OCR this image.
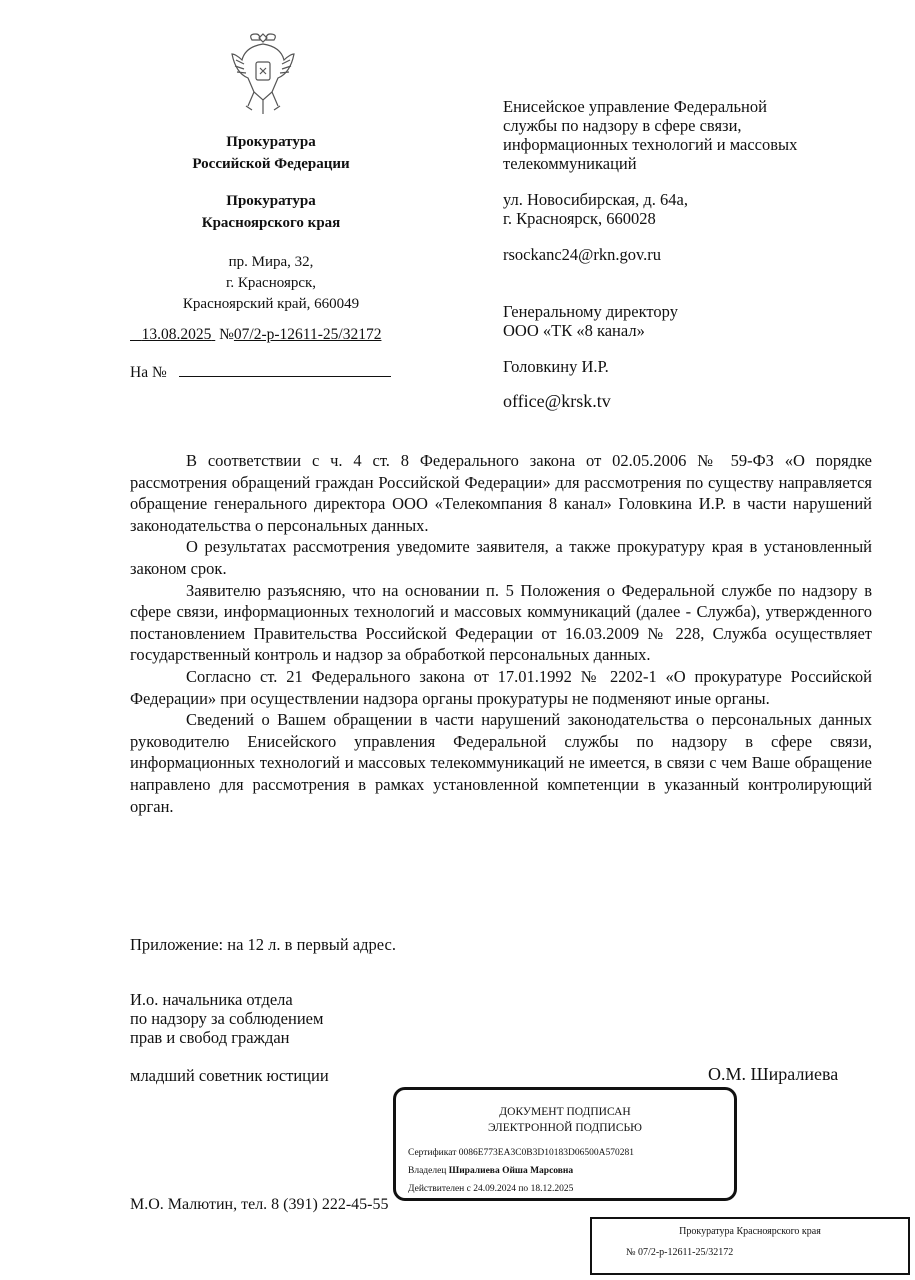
Прокуратура
Российской Федерации
Прокуратура
Красноярского края
пр. Мира, 32,
г. Красноярск,
Красноярский край, 660049
13.08.2025 №07/2-р-12611-25/32172
На №
Енисейское управление Федеральной
службы по надзору в сфере связи,
информационных технологий и массовых
телекоммуникаций
ул. Новосибирская, д. 64а,
г. Красноярск, 660028
rsockanc24@rkn.gov.ru
Генеральному директору
ООО «ТК «8 канал»
Головкину И.Р.
office@krsk.tv

В соответствии с ч. 4 ст. 8 Федерального закона от 02.05.2006 № 59-ФЗ «О порядке рассмотрения обращений граждан Российской Федерации» для рассмотрения по существу направляется обращение генерального директора ООО «Телекомпания 8 канал» Головкина И.Р. в части нарушений законодательства о персональных данных.

О результатах рассмотрения уведомите заявителя, а также прокуратуру края в установленный законом срок.

Заявителю разъясняю, что на основании п. 5 Положения о Федеральной службе по надзору в сфере связи, информационных технологий и массовых коммуникаций (далее - Служба), утвержденного постановлением Правительства Российской Федерации от 16.03.2009 № 228, Служба осуществляет государственный контроль и надзор за обработкой персональных данных.

Согласно ст. 21 Федерального закона от 17.01.1992 № 2202-1 «О прокуратуре Российской Федерации» при осуществлении надзора органы прокуратуры не подменяют иные органы.

Сведений о Вашем обращении в части нарушений законодательства о персональных данных руководителю Енисейского управления Федеральной службы по надзору в сфере связи, информационных технологий и массовых телекоммуникаций не имеется, в связи с чем Ваше обращение направлено для рассмотрения в рамках установленной компетенции в указанный контролирующий орган.

Приложение: на 12 л. в первый адрес.
И.о. начальника отдела
по надзору за соблюдением
прав и свобод граждан
младший советник юстиции	О.М. Ширалиева
М.О. Малютин, тел. 8 (391) 222-45-55
ДОКУМЕНТ ПОДПИСАН
ЭЛЕКТРОННОЙ ПОДПИСЬЮ
Сертификат 0086E773EA3C0B3D10183D06500A570281
Владелец Ширалиева Ойша Марсовна
Действителен с 24.09.2024 по 18.12.2025
Прокуратура Красноярского края
№ 07/2-р-12611-25/32172
